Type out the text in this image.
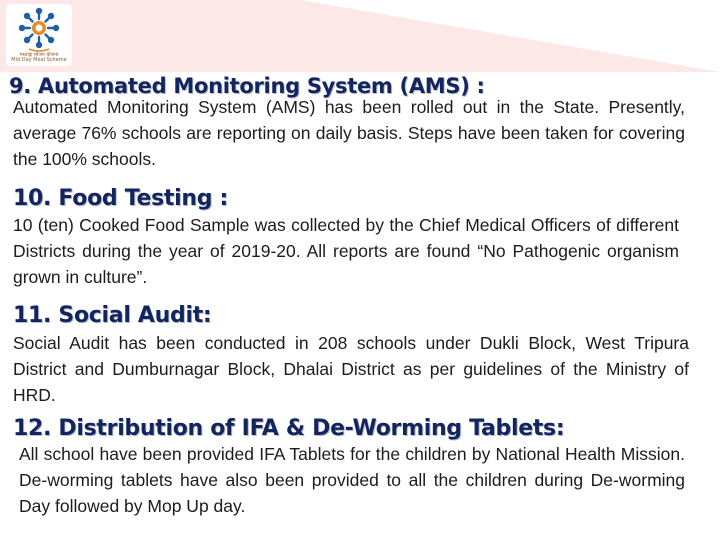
मध्याह्न भोजन योजना
Mid Day Meal Scheme
9. Automated Monitoring System (AMS) :

Automated Monitoring System (AMS) has been rolled out in the State. Presently, average 76% schools are reporting on daily basis. Steps have been taken for covering the 100% schools.

10. Food Testing :

10 (ten) Cooked Food Sample was collected by the Chief Medical Officers of different Districts during the year of 2019-20. All reports are found “No Pathogenic organism grown in culture”.

11. Social Audit:

Social Audit has been conducted in 208 schools under Dukli Block, West Tripura District and Dumburnagar Block, Dhalai District as per guidelines of the Ministry of HRD.

12. Distribution of IFA & De-Worming Tablets:

All school have been provided IFA Tablets for the children by National Health Mission. De-worming tablets have also been provided to all the children during De-worming Day followed by Mop Up day.
